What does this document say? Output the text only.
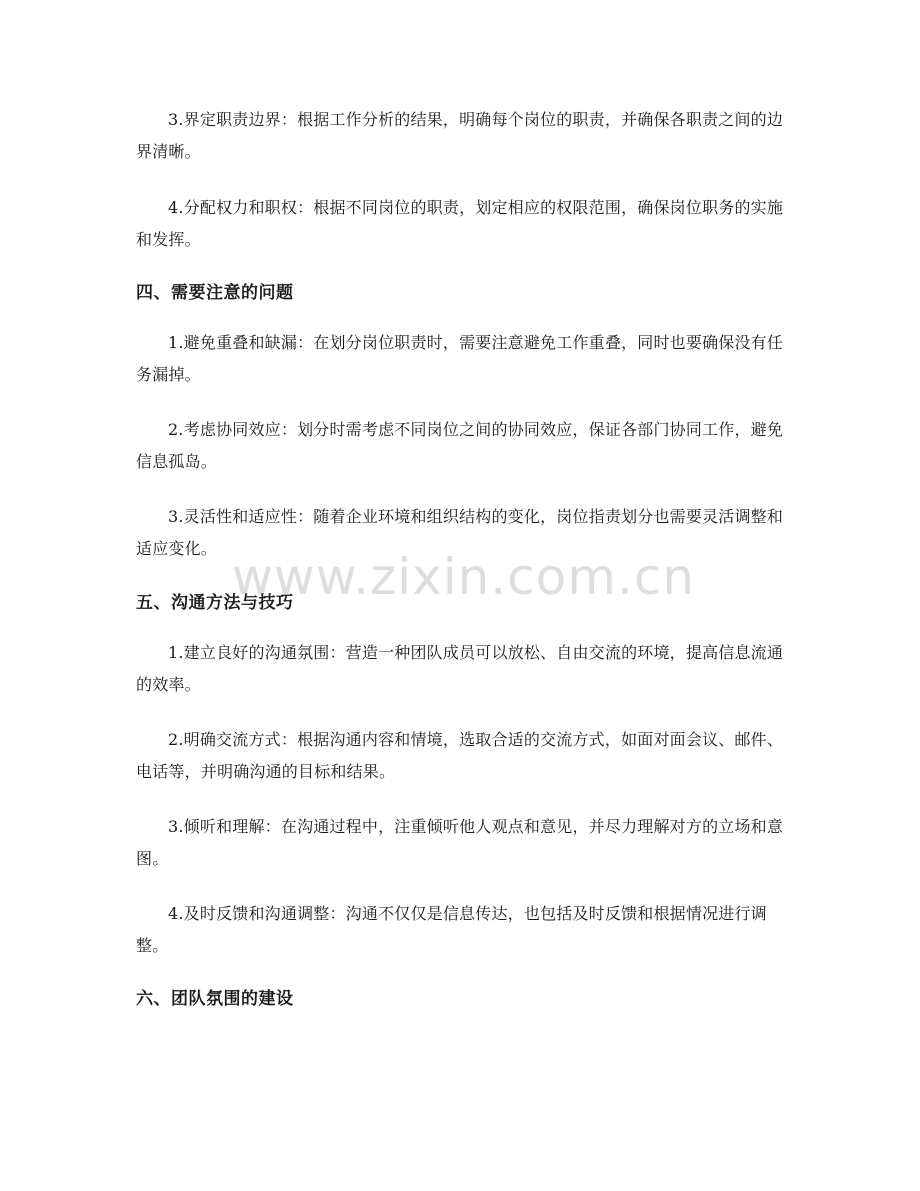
3.界定职责边界：根据工作分析的结果，明确每个岗位的职责，并确保各职责之间的边界清晰。

4.分配权力和职权：根据不同岗位的职责，划定相应的权限范围，确保岗位职务的实施和发挥。

四、需要注意的问题

1.避免重叠和缺漏：在划分岗位职责时，需要注意避免工作重叠，同时也要确保没有任务漏掉。

2.考虑协同效应：划分时需考虑不同岗位之间的协同效应，保证各部门协同工作，避免信息孤岛。

3.灵活性和适应性：随着企业环境和组织结构的变化，岗位指责划分也需要灵活调整和适应变化。

五、沟通方法与技巧

1.建立良好的沟通氛围：营造一种团队成员可以放松、自由交流的环境，提高信息流通的效率。

2.明确交流方式：根据沟通内容和情境，选取合适的交流方式，如面对面会议、邮件、电话等，并明确沟通的目标和结果。

3.倾听和理解：在沟通过程中，注重倾听他人观点和意见，并尽力理解对方的立场和意图。

4.及时反馈和沟通调整：沟通不仅仅是信息传达，也包括及时反馈和根据情况进行调整。

六、团队氛围的建设
www.zixin.com.cn
